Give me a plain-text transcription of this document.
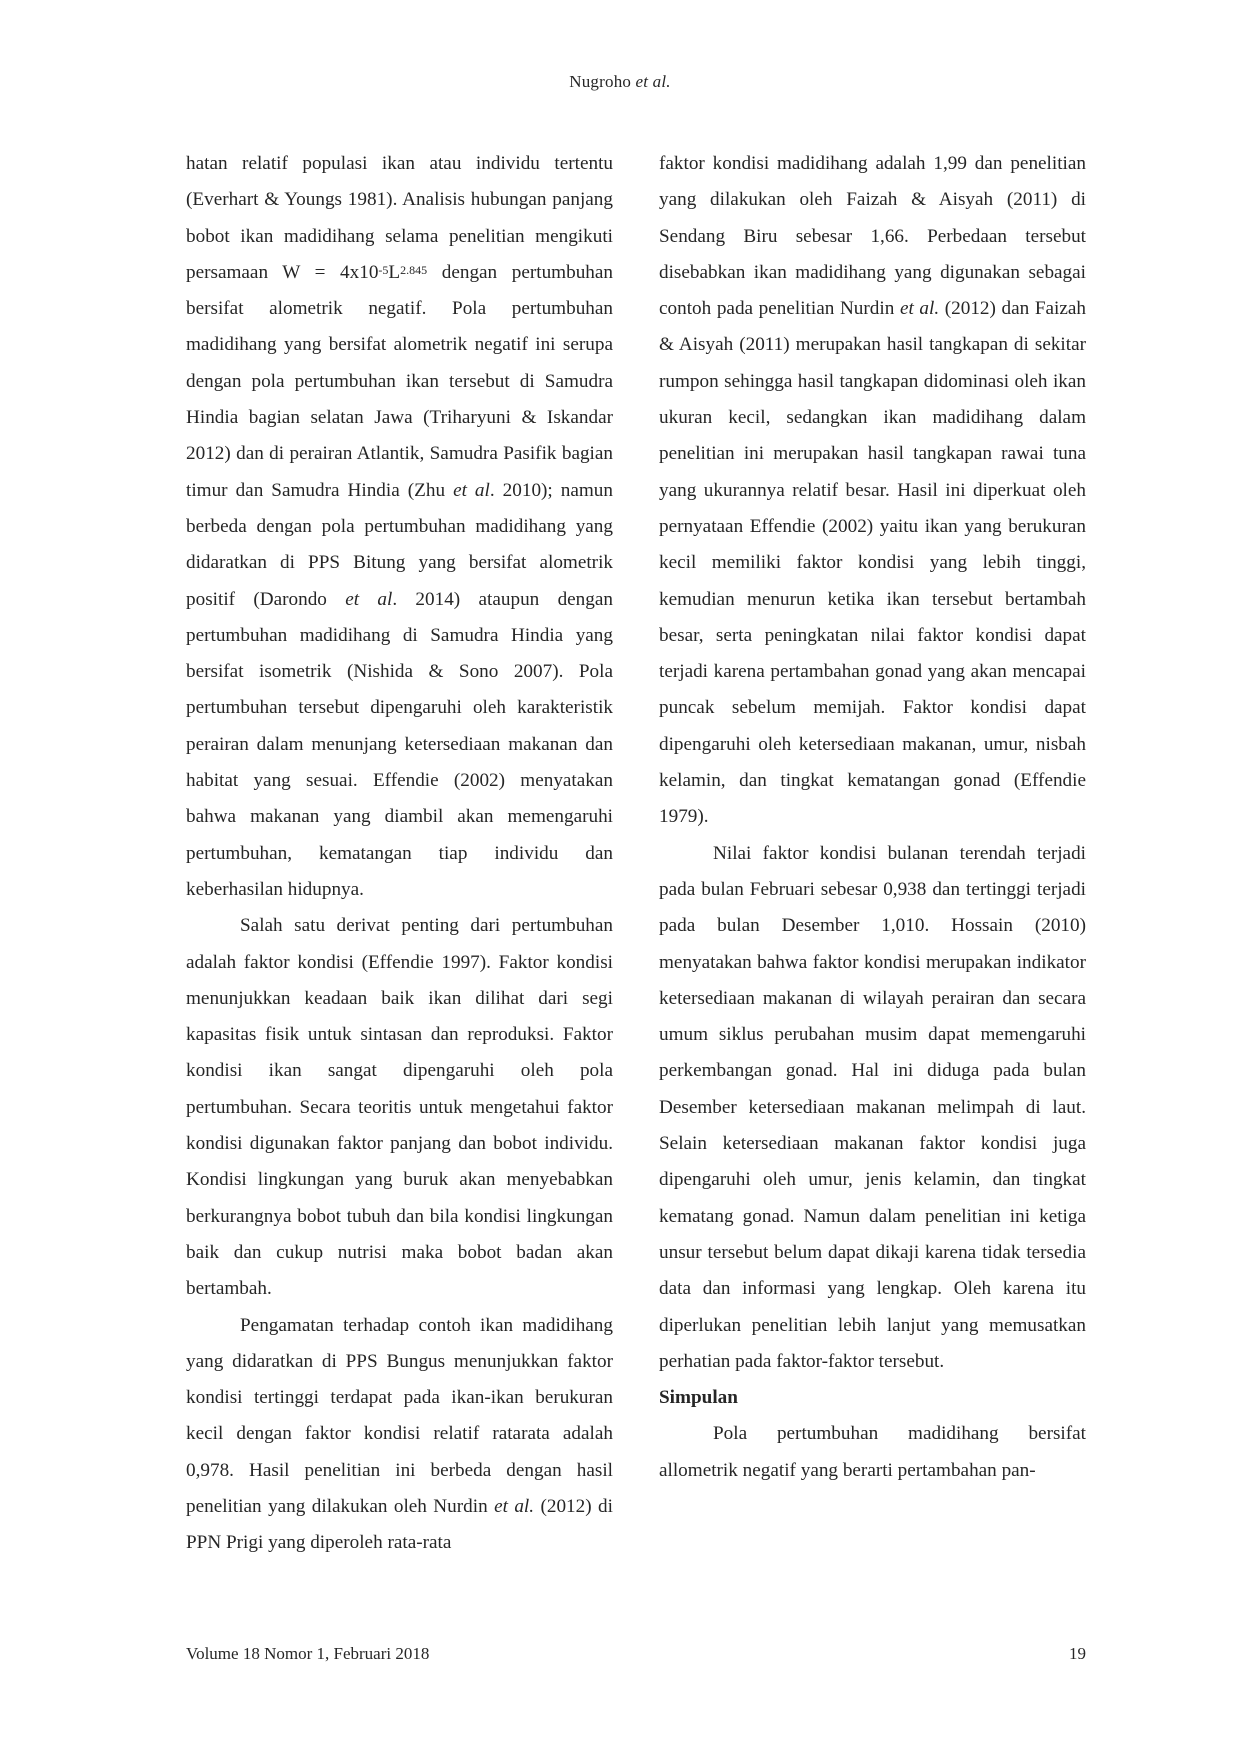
Nugroho et al.

hatan relatif populasi ikan atau individu tertentu (Everhart & Youngs 1981). Analisis hubungan panjang bobot ikan madidihang selama penelitian mengikuti persamaan $W = 4x10^{-5}L^{2.845}$ dengan pertumbuhan bersifat alometrik negatif. Pola pertumbuhan madidihang yang bersifat alometrik negatif ini serupa dengan pola pertumbuhan ikan tersebut di Samudra Hindia bagian selatan Jawa (Triharyuni & Iskandar 2012) dan di perairan Atlantik, Samudra Pasifik bagian timur dan Samudra Hindia (Zhu et al. 2010); namun berbeda dengan pola pertumbuhan madidihang yang didaratkan di PPS Bitung yang bersifat alometrik positif (Darondo et al. 2014) ataupun dengan pertumbuhan madidihang di Samudra Hindia yang bersifat isometrik (Nishida & Sono 2007). Pola pertumbuhan tersebut dipengaruhi oleh karakteristik perairan dalam menunjang ketersediaan makanan dan habitat yang sesuai. Effendie (2002) menyatakan bahwa makanan yang diambil akan memengaruhi pertumbuhan, kematangan tiap individu dan keberhasilan hidupnya.

Salah satu derivat penting dari pertumbuhan adalah faktor kondisi (Effendie 1997). Faktor kondisi menunjukkan keadaan baik ikan dilihat dari segi kapasitas fisik untuk sintasan dan reproduksi. Faktor kondisi ikan sangat dipengaruhi oleh pola pertumbuhan. Secara teoritis untuk mengetahui faktor kondisi digunakan faktor panjang dan bobot individu. Kondisi lingkungan yang buruk akan menyebabkan berkurangnya bobot tubuh dan bila kondisi lingkungan baik dan cukup nutrisi maka bobot badan akan bertambah.

Pengamatan terhadap contoh ikan madidihang yang didaratkan di PPS Bungus menunjukkan faktor kondisi tertinggi terdapat pada ikan-ikan berukuran kecil dengan faktor kondisi relatif ratarata adalah 0,978. Hasil penelitian ini berbeda dengan hasil penelitian yang dilakukan oleh Nurdin et al. (2012) di PPN Prigi yang diperoleh rata-rata

faktor kondisi madidihang adalah 1,99 dan penelitian yang dilakukan oleh Faizah & Aisyah (2011) di Sendang Biru sebesar 1,66. Perbedaan tersebut disebabkan ikan madidihang yang digunakan sebagai contoh pada penelitian Nurdin et al. (2012) dan Faizah & Aisyah (2011) merupakan hasil tangkapan di sekitar rumpon sehingga hasil tangkapan didominasi oleh ikan ukuran kecil, sedangkan ikan madidihang dalam penelitian ini merupakan hasil tangkapan rawai tuna yang ukurannya relatif besar. Hasil ini diperkuat oleh pernyataan Effendie (2002) yaitu ikan yang berukuran kecil memiliki faktor kondisi yang lebih tinggi, kemudian menurun ketika ikan tersebut bertambah besar, serta peningkatan nilai faktor kondisi dapat terjadi karena pertambahan gonad yang akan mencapai puncak sebelum memijah. Faktor kondisi dapat dipengaruhi oleh ketersediaan makanan, umur, nisbah kelamin, dan tingkat kematangan gonad (Effendie 1979).

Nilai faktor kondisi bulanan terendah terjadi pada bulan Februari sebesar 0,938 dan tertinggi terjadi pada bulan Desember 1,010. Hossain (2010) menyatakan bahwa faktor kondisi merupakan indikator ketersediaan makanan di wilayah perairan dan secara umum siklus perubahan musim dapat memengaruhi perkembangan gonad. Hal ini diduga pada bulan Desember ketersediaan makanan melimpah di laut. Selain ketersediaan makanan faktor kondisi juga dipengaruhi oleh umur, jenis kelamin, dan tingkat kematang gonad. Namun dalam penelitian ini ketiga unsur tersebut belum dapat dikaji karena tidak tersedia data dan informasi yang lengkap. Oleh karena itu diperlukan penelitian lebih lanjut yang memusatkan perhatian pada faktor-faktor tersebut.

Simpulan

Pola pertumbuhan madidihang bersifat allometrik negatif yang berarti pertambahan pan-

Volume 18 Nomor 1, Februari 2018	19
